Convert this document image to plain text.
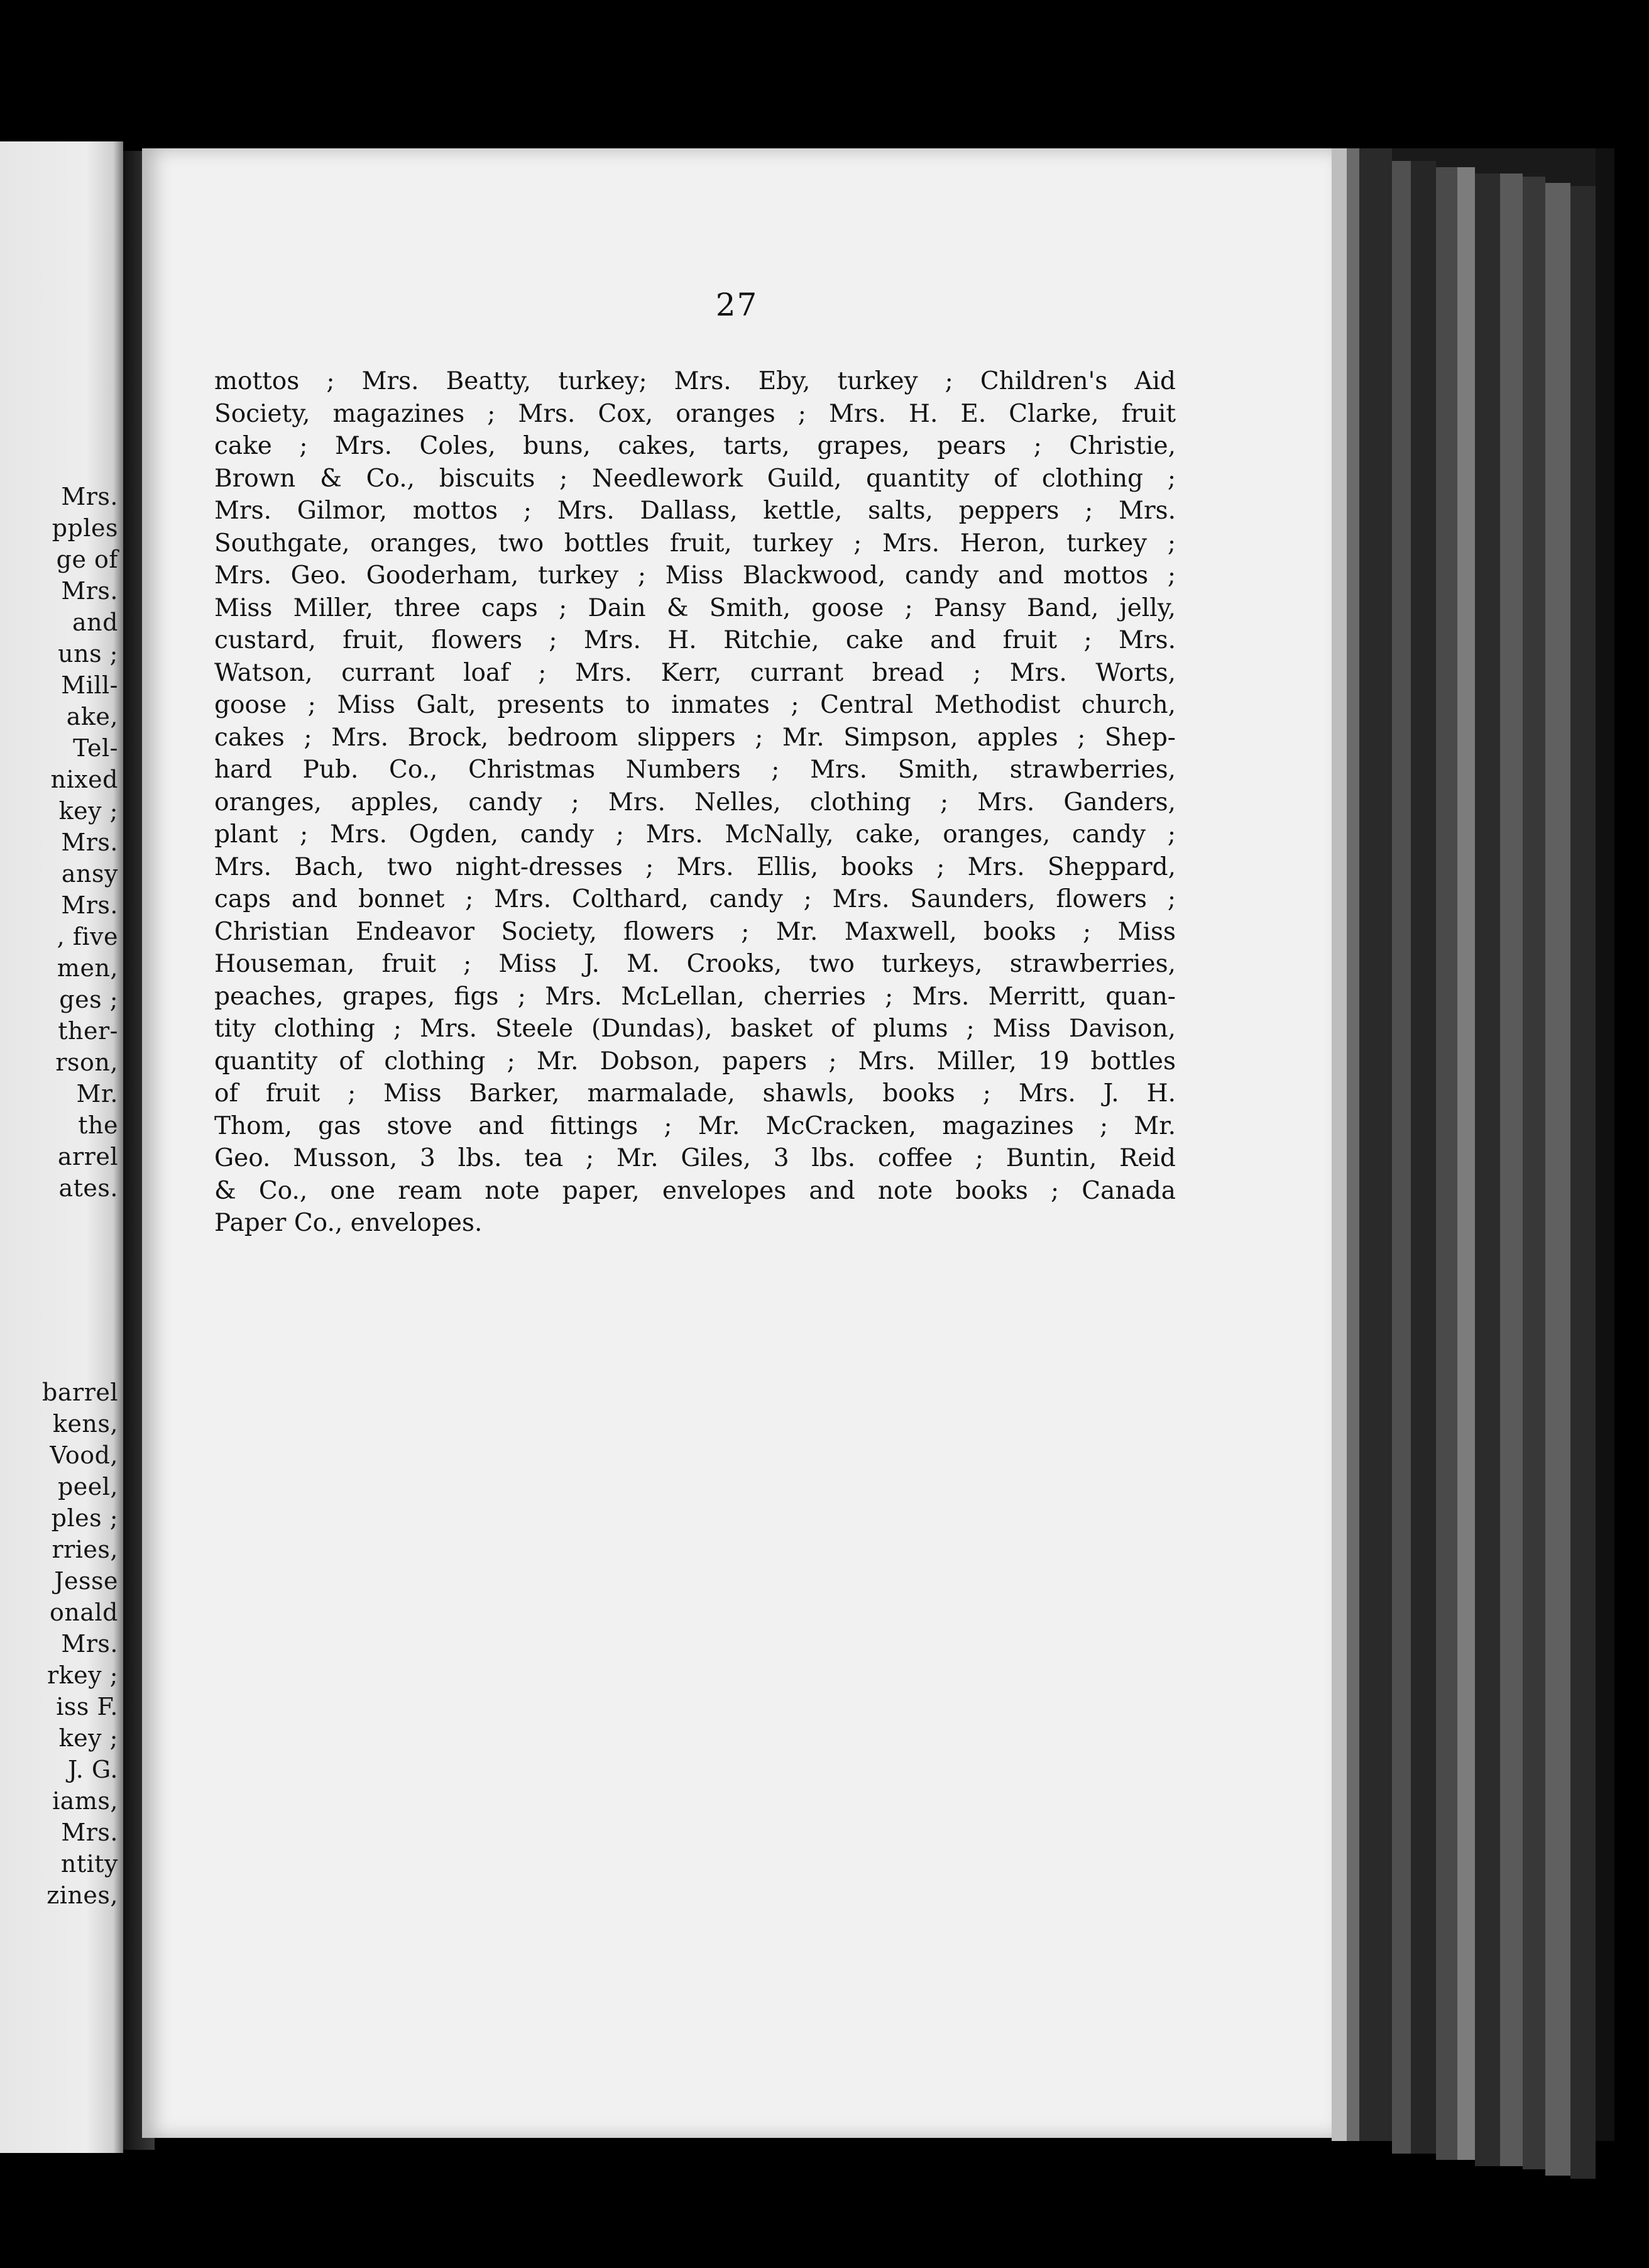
Mrs.
pples
ge of
Mrs.
and
uns ;
Mill-
ake,
Tel-
nixed
key ;
Mrs.
ansy
Mrs.
, five
men,
ges ;
ther-
rson,
Mr.
the
arrel
ates.
barrel
kens,
Vood,
peel,
ples ;
rries,
Jesse
onald
Mrs.
rkey ;
iss F.
key ;
J. G.
iams,
Mrs.
ntity
zines,
27
mottos ; Mrs. Beatty, turkey; Mrs. Eby, turkey ; Children's Aid
Society, magazines ; Mrs. Cox, oranges ; Mrs. H. E. Clarke, fruit
cake ; Mrs. Coles, buns, cakes, tarts, grapes, pears ; Christie,
Brown & Co., biscuits ; Needlework Guild, quantity of clothing ;
Mrs. Gilmor, mottos ; Mrs. Dallass, kettle, salts, peppers ; Mrs.
Southgate, oranges, two bottles fruit, turkey ; Mrs. Heron, turkey ;
Mrs. Geo. Gooderham, turkey ; Miss Blackwood, candy and mottos ;
Miss Miller, three caps ; Dain & Smith, goose ; Pansy Band, jelly,
custard, fruit, flowers ; Mrs. H. Ritchie, cake and fruit ; Mrs.
Watson, currant loaf ; Mrs. Kerr, currant bread ; Mrs. Worts,
goose ; Miss Galt, presents to inmates ; Central Methodist church,
cakes ; Mrs. Brock, bedroom slippers ; Mr. Simpson, apples ; Shep-
hard Pub. Co., Christmas Numbers ; Mrs. Smith, strawberries,
oranges, apples, candy ; Mrs. Nelles, clothing ; Mrs. Ganders,
plant ; Mrs. Ogden, candy ; Mrs. McNally, cake, oranges, candy ;
Mrs. Bach, two night-dresses ; Mrs. Ellis, books ; Mrs. Sheppard,
caps and bonnet ; Mrs. Colthard, candy ; Mrs. Saunders, flowers ;
Christian Endeavor Society, flowers ; Mr. Maxwell, books ; Miss
Houseman, fruit ; Miss J. M. Crooks, two turkeys, strawberries,
peaches, grapes, figs ; Mrs. McLellan, cherries ; Mrs. Merritt, quan-
tity clothing ; Mrs. Steele (Dundas), basket of plums ; Miss Davison,
quantity of clothing ; Mr. Dobson, papers ; Mrs. Miller, 19 bottles
of fruit ; Miss Barker, marmalade, shawls, books ; Mrs. J. H.
Thom, gas stove and fittings ; Mr. McCracken, magazines ; Mr.
Geo. Musson, 3 lbs. tea ; Mr. Giles, 3 lbs. coffee ; Buntin, Reid
& Co., one ream note paper, envelopes and note books ; Canada
Paper Co., envelopes.
